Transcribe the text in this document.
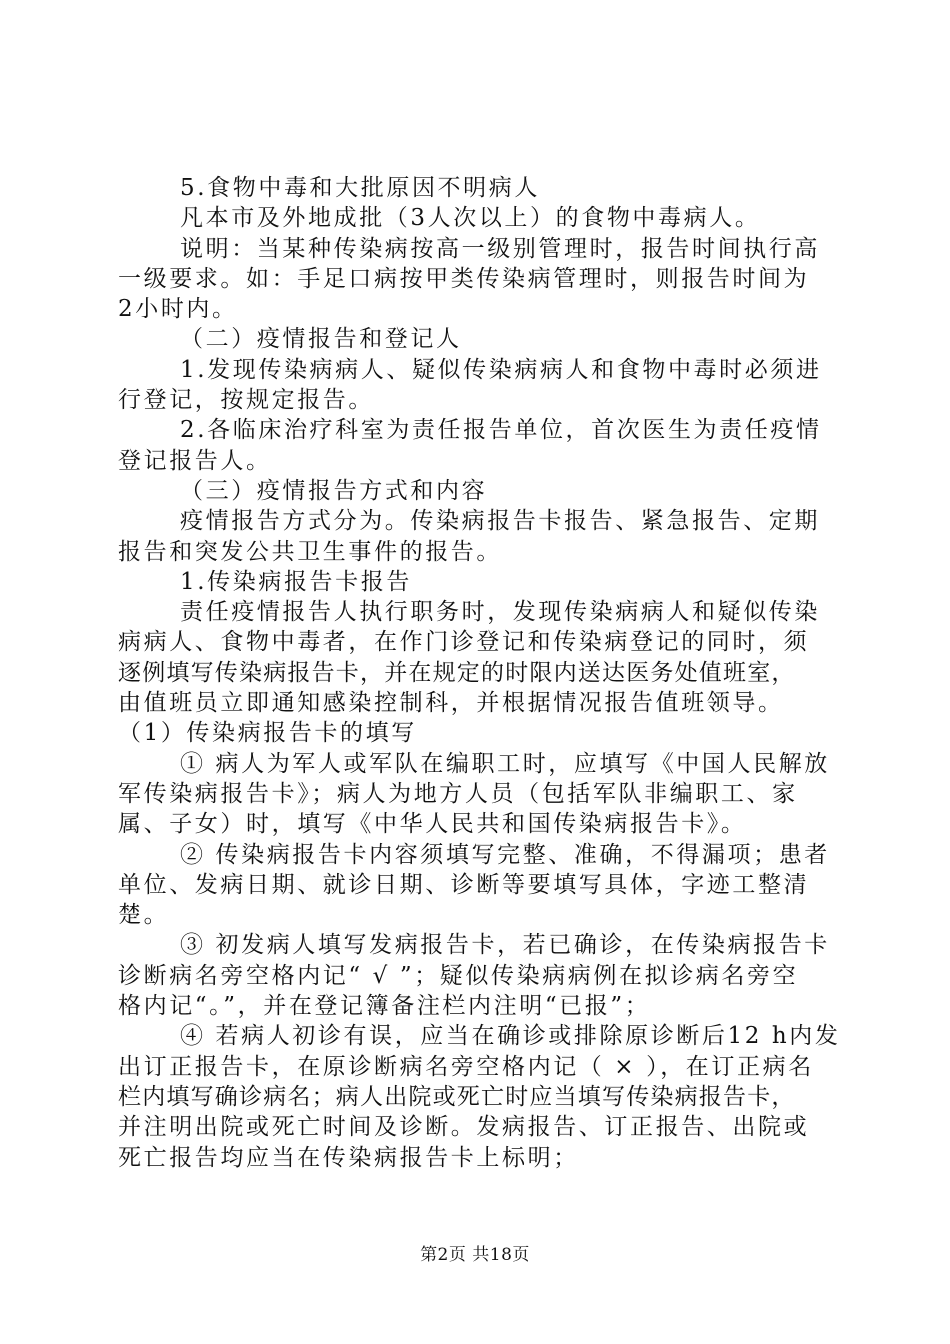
5.食物中毒和大批原因不明病人

凡本市及外地成批（3人次以上）的食物中毒病人。

说明：当某种传染病按高一级别管理时，报告时间执行高

一级要求。如：手足口病按甲类传染病管理时，则报告时间为

2小时内。

（二）疫情报告和登记人

1.发现传染病病人、疑似传染病病人和食物中毒时必须进

行登记，按规定报告。

2.各临床治疗科室为责任报告单位，首次医生为责任疫情

登记报告人。

（三）疫情报告方式和内容

疫情报告方式分为。传染病报告卡报告、紧急报告、定期

报告和突发公共卫生事件的报告。

1.传染病报告卡报告

责任疫情报告人执行职务时，发现传染病病人和疑似传染

病病人、食物中毒者，在作门诊登记和传染病登记的同时，须

逐例填写传染病报告卡，并在规定的时限内送达医务处值班室，

由值班员立即通知感染控制科，并根据情况报告值班领导。

（1）传染病报告卡的填写

① 病人为军人或军队在编职工时，应填写《中国人民解放

军传染病报告卡》；病人为地方人员（包括军队非编职工、家

属、子女）时，填写《中华人民共和国传染病报告卡》。

② 传染病报告卡内容须填写完整、准确，不得漏项；患者

单位、发病日期、就诊日期、诊断等要填写具体，字迹工整清

楚。

③ 初发病人填写发病报告卡，若已确诊，在传染病报告卡

诊断病名旁空格内记“ √ ”；疑似传染病病例在拟诊病名旁空

格内记“。”，并在登记簿备注栏内注明“已报”；

④ 若病人初诊有误，应当在确诊或排除原诊断后12 h内发

出订正报告卡，在原诊断病名旁空格内记（ × ），在订正病名

栏内填写确诊病名；病人出院或死亡时应当填写传染病报告卡，

并注明出院或死亡时间及诊断。发病报告、订正报告、出院或

死亡报告均应当在传染病报告卡上标明；

第2页 共18页
